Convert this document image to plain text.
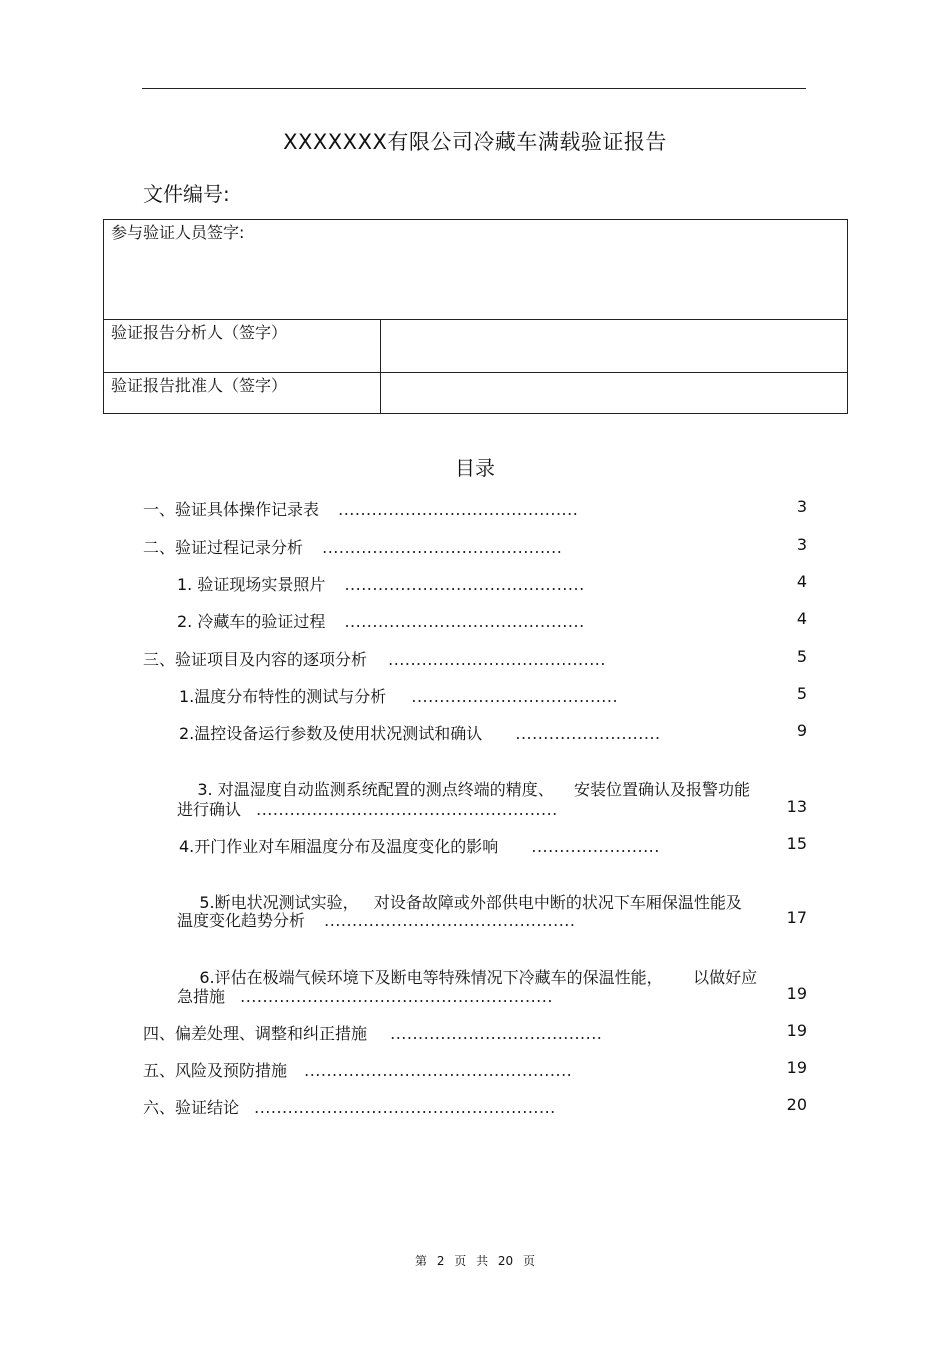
XXXXXXX有限公司冷藏车满载验证报告
文件编号:
参与验证人员签字:	
验证报告分析人（签字）	
验证报告批准人（签字）	
目录
一、验证具体操作记录表 ...........................................	3
二、验证过程记录分析 ...........................................	3
1. 验证现场实景照片 ...........................................	4
2. 冷藏车的验证过程 ...........................................	4
三、验证项目及内容的逐项分析 .......................................	5
1.温度分布特性的测试与分析 .....................................	5
2.温控设备运行参数及使用状况测试和确认 ..........................	9

3. 对温湿度自动监测系统配置的测点终端的精度、    安装位置确认及报警功能

进行确认 ......................................................	13
4.开门作业对车厢温度分布及温度变化的影响 .......................	15

5.断电状况测试实验，   对设备故障或外部供电中断的状况下车厢保温性能及

温度变化趋势分析 .............................................	17

6.评估在极端气候环境下及断电等特殊情况下冷藏车的保温性能，      以做好应

急措施 ........................................................	19
四、偏差处理、调整和纠正措施 ......................................	19
五、风险及预防措施 ................................................	19
六、验证结论 ......................................................	20
第 2 页 共 20 页
